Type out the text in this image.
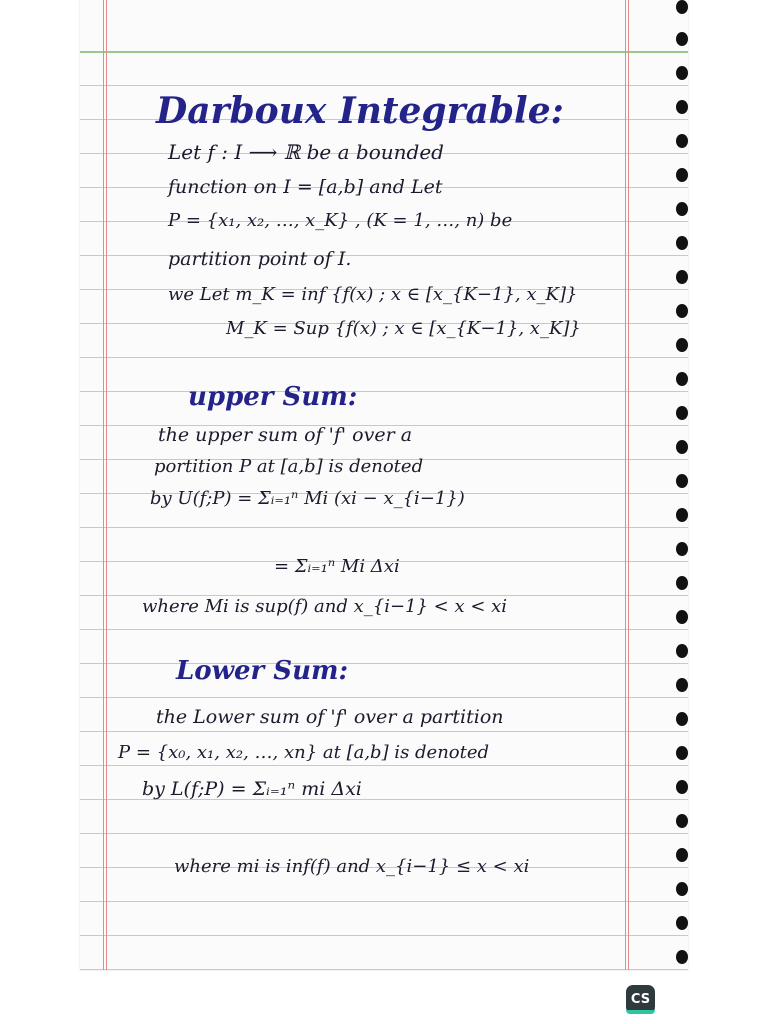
Darboux Integrable:
Let f : I ⟶ ℝ be a bounded
function on I = [a,b] and Let
P = {x₁, x₂, …, x_K} , (K = 1, …, n) be
partition point of I.
we Let m_K = inf {f(x) ; x ∈ [x_{K−1}, x_K]}
M_K = Sup {f(x) ; x ∈ [x_{K−1}, x_K]}
upper Sum:
the upper sum of 'f' over a
portition P at [a,b] is denoted
by U(f;P) = Σᵢ₌₁ⁿ Mi (xi − x_{i−1})
= Σᵢ₌₁ⁿ Mi Δxi
where Mi is sup(f) and x_{i−1} < x < xi
Lower Sum:
the Lower sum of 'f' over a partition
P = {x₀, x₁, x₂, …, xn} at [a,b] is denoted
by L(f;P) = Σᵢ₌₁ⁿ mi Δxi
where mi is inf(f) and x_{i−1} ≤ x < xi
CS
